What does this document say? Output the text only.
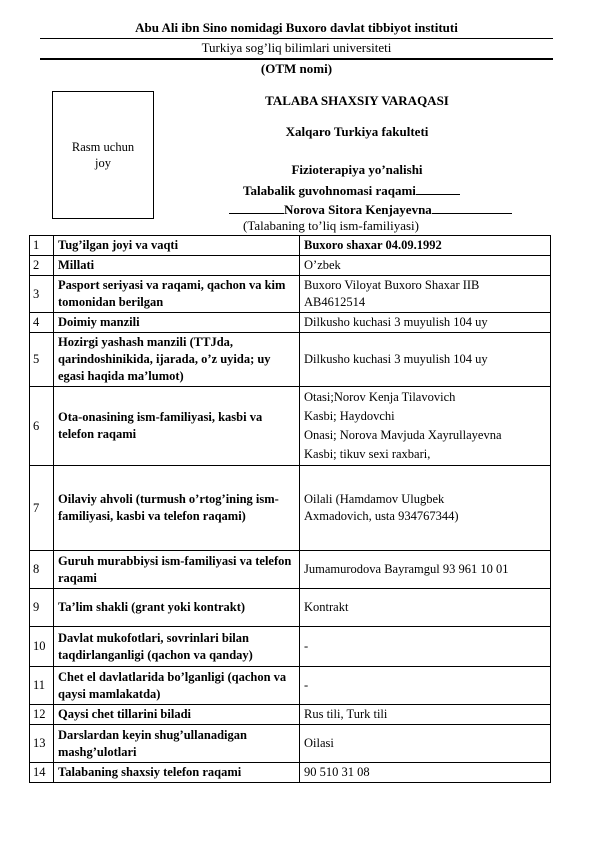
Abu Ali ibn Sino nomidagi Buxoro davlat tibbiyot instituti
Turkiya sog’liq bilimlari universiteti
(OTM nomi)
Rasm uchun
joy
TALABA SHAXSIY VARAQASI
Xalqaro Turkiya fakulteti
Fizioterapiya yo’nalishi
Talabalik guvohnomasi raqami
Norova Sitora Kenjayevna
(Talabaning to’liq ism-familiyasi)
1	Tug’ilgan joyi va vaqti	Buxoro shaxar 04.09.1992

2	Millati	O’zbek

3	Pasport seriyasi va raqami, qachon va kim tomonidan berilgan	Buxoro Viloyat Buxoro Shaxar IIB
AB4612514

4	Doimiy manzili	Dilkusho kuchasi 3 muyulish 104 uy

5	Hozirgi yashash manzili (TTJda, qarindoshinikida, ijarada, o’z uyida; uy egasi haqida ma’lumot)	Dilkusho kuchasi 3 muyulish 104 uy

6	Ota-onasining ism-familiyasi, kasbi va telefon raqami	Otasi;Norov Kenja Tilavovich
Kasbi; Haydovchi
Onasi; Norova Mavjuda Xayrullayevna
Kasbi; tikuv sexi raxbari,

7	Oilaviy ahvoli (turmush o’rtog’ining ism-familiyasi, kasbi va telefon raqami)	Oilali (Hamdamov Ulugbek
Axmadovich, usta 934767344)

8	Guruh murabbiysi ism-familiyasi va telefon raqami	Jumamurodova Bayramgul 93 961 10 01

9	Ta’lim shakli (grant yoki kontrakt)	Kontrakt

10	Davlat mukofotlari, sovrinlari bilan taqdirlanganligi (qachon va qanday)	-

11	Chet el davlatlarida bo’lganligi (qachon va qaysi mamlakatda)	-

12	Qaysi chet tillarini biladi	Rus tili, Turk tili

13	Darslardan keyin shug’ullanadigan mashg’ulotlari	Oilasi

14	Talabaning shaxsiy telefon raqami	90 510 31 08
